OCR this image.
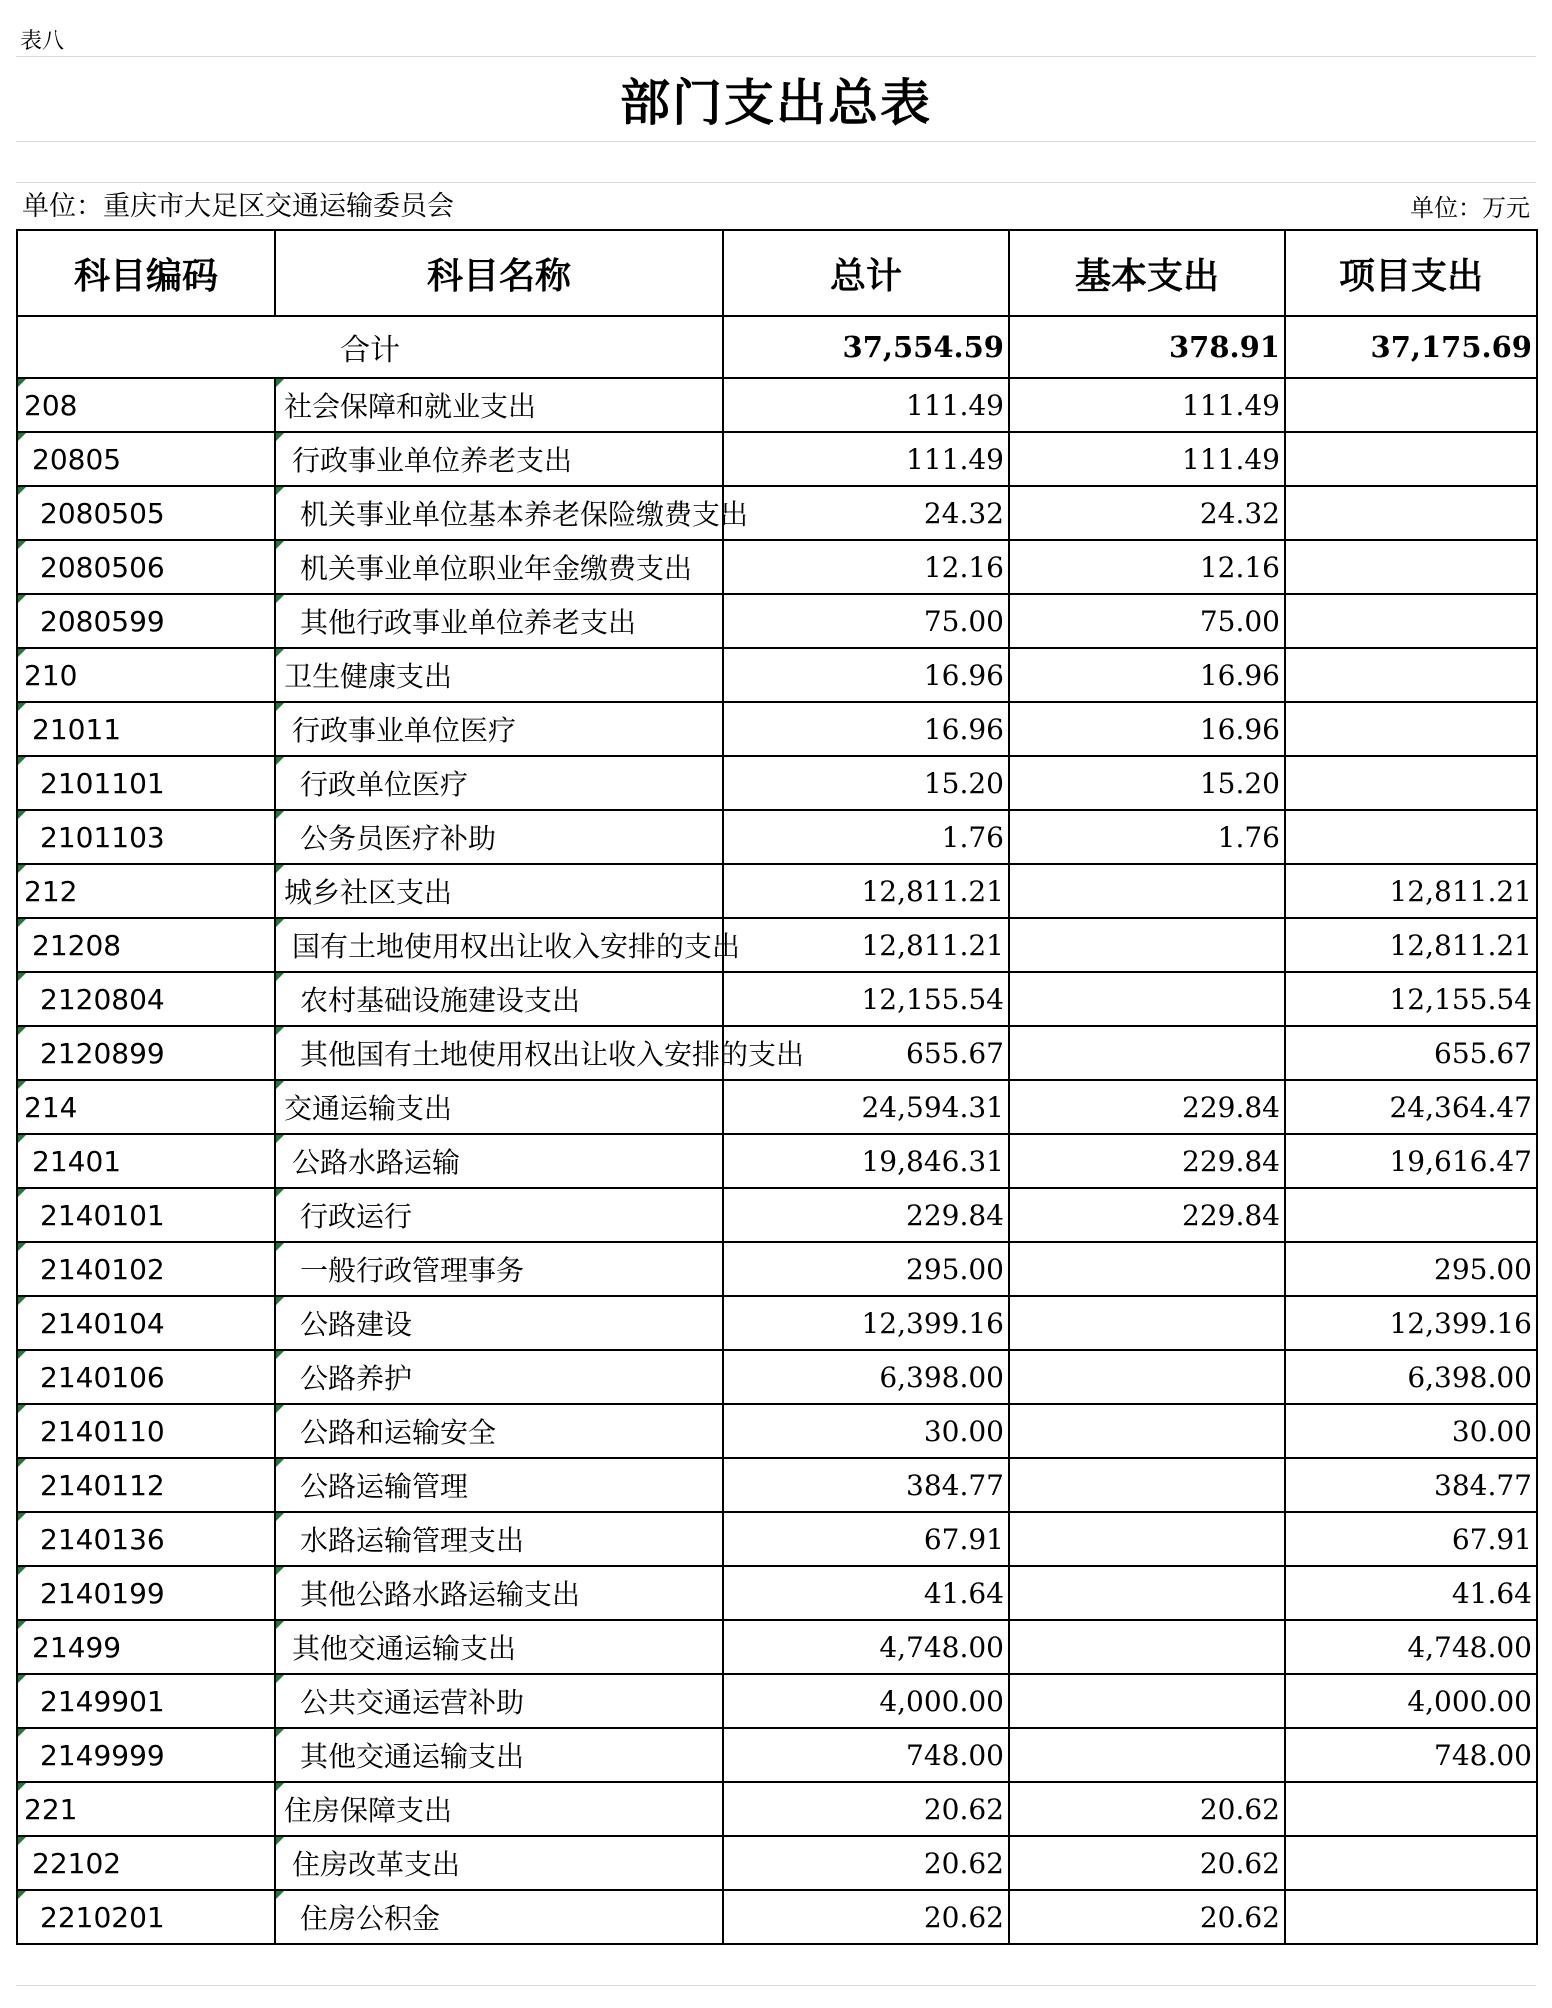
表八
部门支出总表
单位：重庆市大足区交通运输委员会	单位：万元
科目编码	科目名称	总计	基本支出	项目支出
合计		37,554.59	378.91	37,175.69

208	社会保障和就业支出	111.49	111.49	

20805	行政事业单位养老支出	111.49	111.49	

2080505	机关事业单位基本养老保险缴费支出	24.32	24.32	

2080506	机关事业单位职业年金缴费支出	12.16	12.16	

2080599	其他行政事业单位养老支出	75.00	75.00	

210	卫生健康支出	16.96	16.96	

21011	行政事业单位医疗	16.96	16.96	

2101101	行政单位医疗	15.20	15.20	

2101103	公务员医疗补助	1.76	1.76	

212	城乡社区支出	12,811.21		12,811.21

21208	国有土地使用权出让收入安排的支出	12,811.21		12,811.21

2120804	农村基础设施建设支出	12,155.54		12,155.54

2120899	其他国有土地使用权出让收入安排的支出	655.67		655.67

214	交通运输支出	24,594.31	229.84	24,364.47

21401	公路水路运输	19,846.31	229.84	19,616.47

2140101	行政运行	229.84	229.84	

2140102	一般行政管理事务	295.00		295.00

2140104	公路建设	12,399.16		12,399.16

2140106	公路养护	6,398.00		6,398.00

2140110	公路和运输安全	30.00		30.00

2140112	公路运输管理	384.77		384.77

2140136	水路运输管理支出	67.91		67.91

2140199	其他公路水路运输支出	41.64		41.64

21499	其他交通运输支出	4,748.00		4,748.00

2149901	公共交通运营补助	4,000.00		4,000.00

2149999	其他交通运输支出	748.00		748.00

221	住房保障支出	20.62	20.62	

22102	住房改革支出	20.62	20.62	

2210201	住房公积金	20.62	20.62	
